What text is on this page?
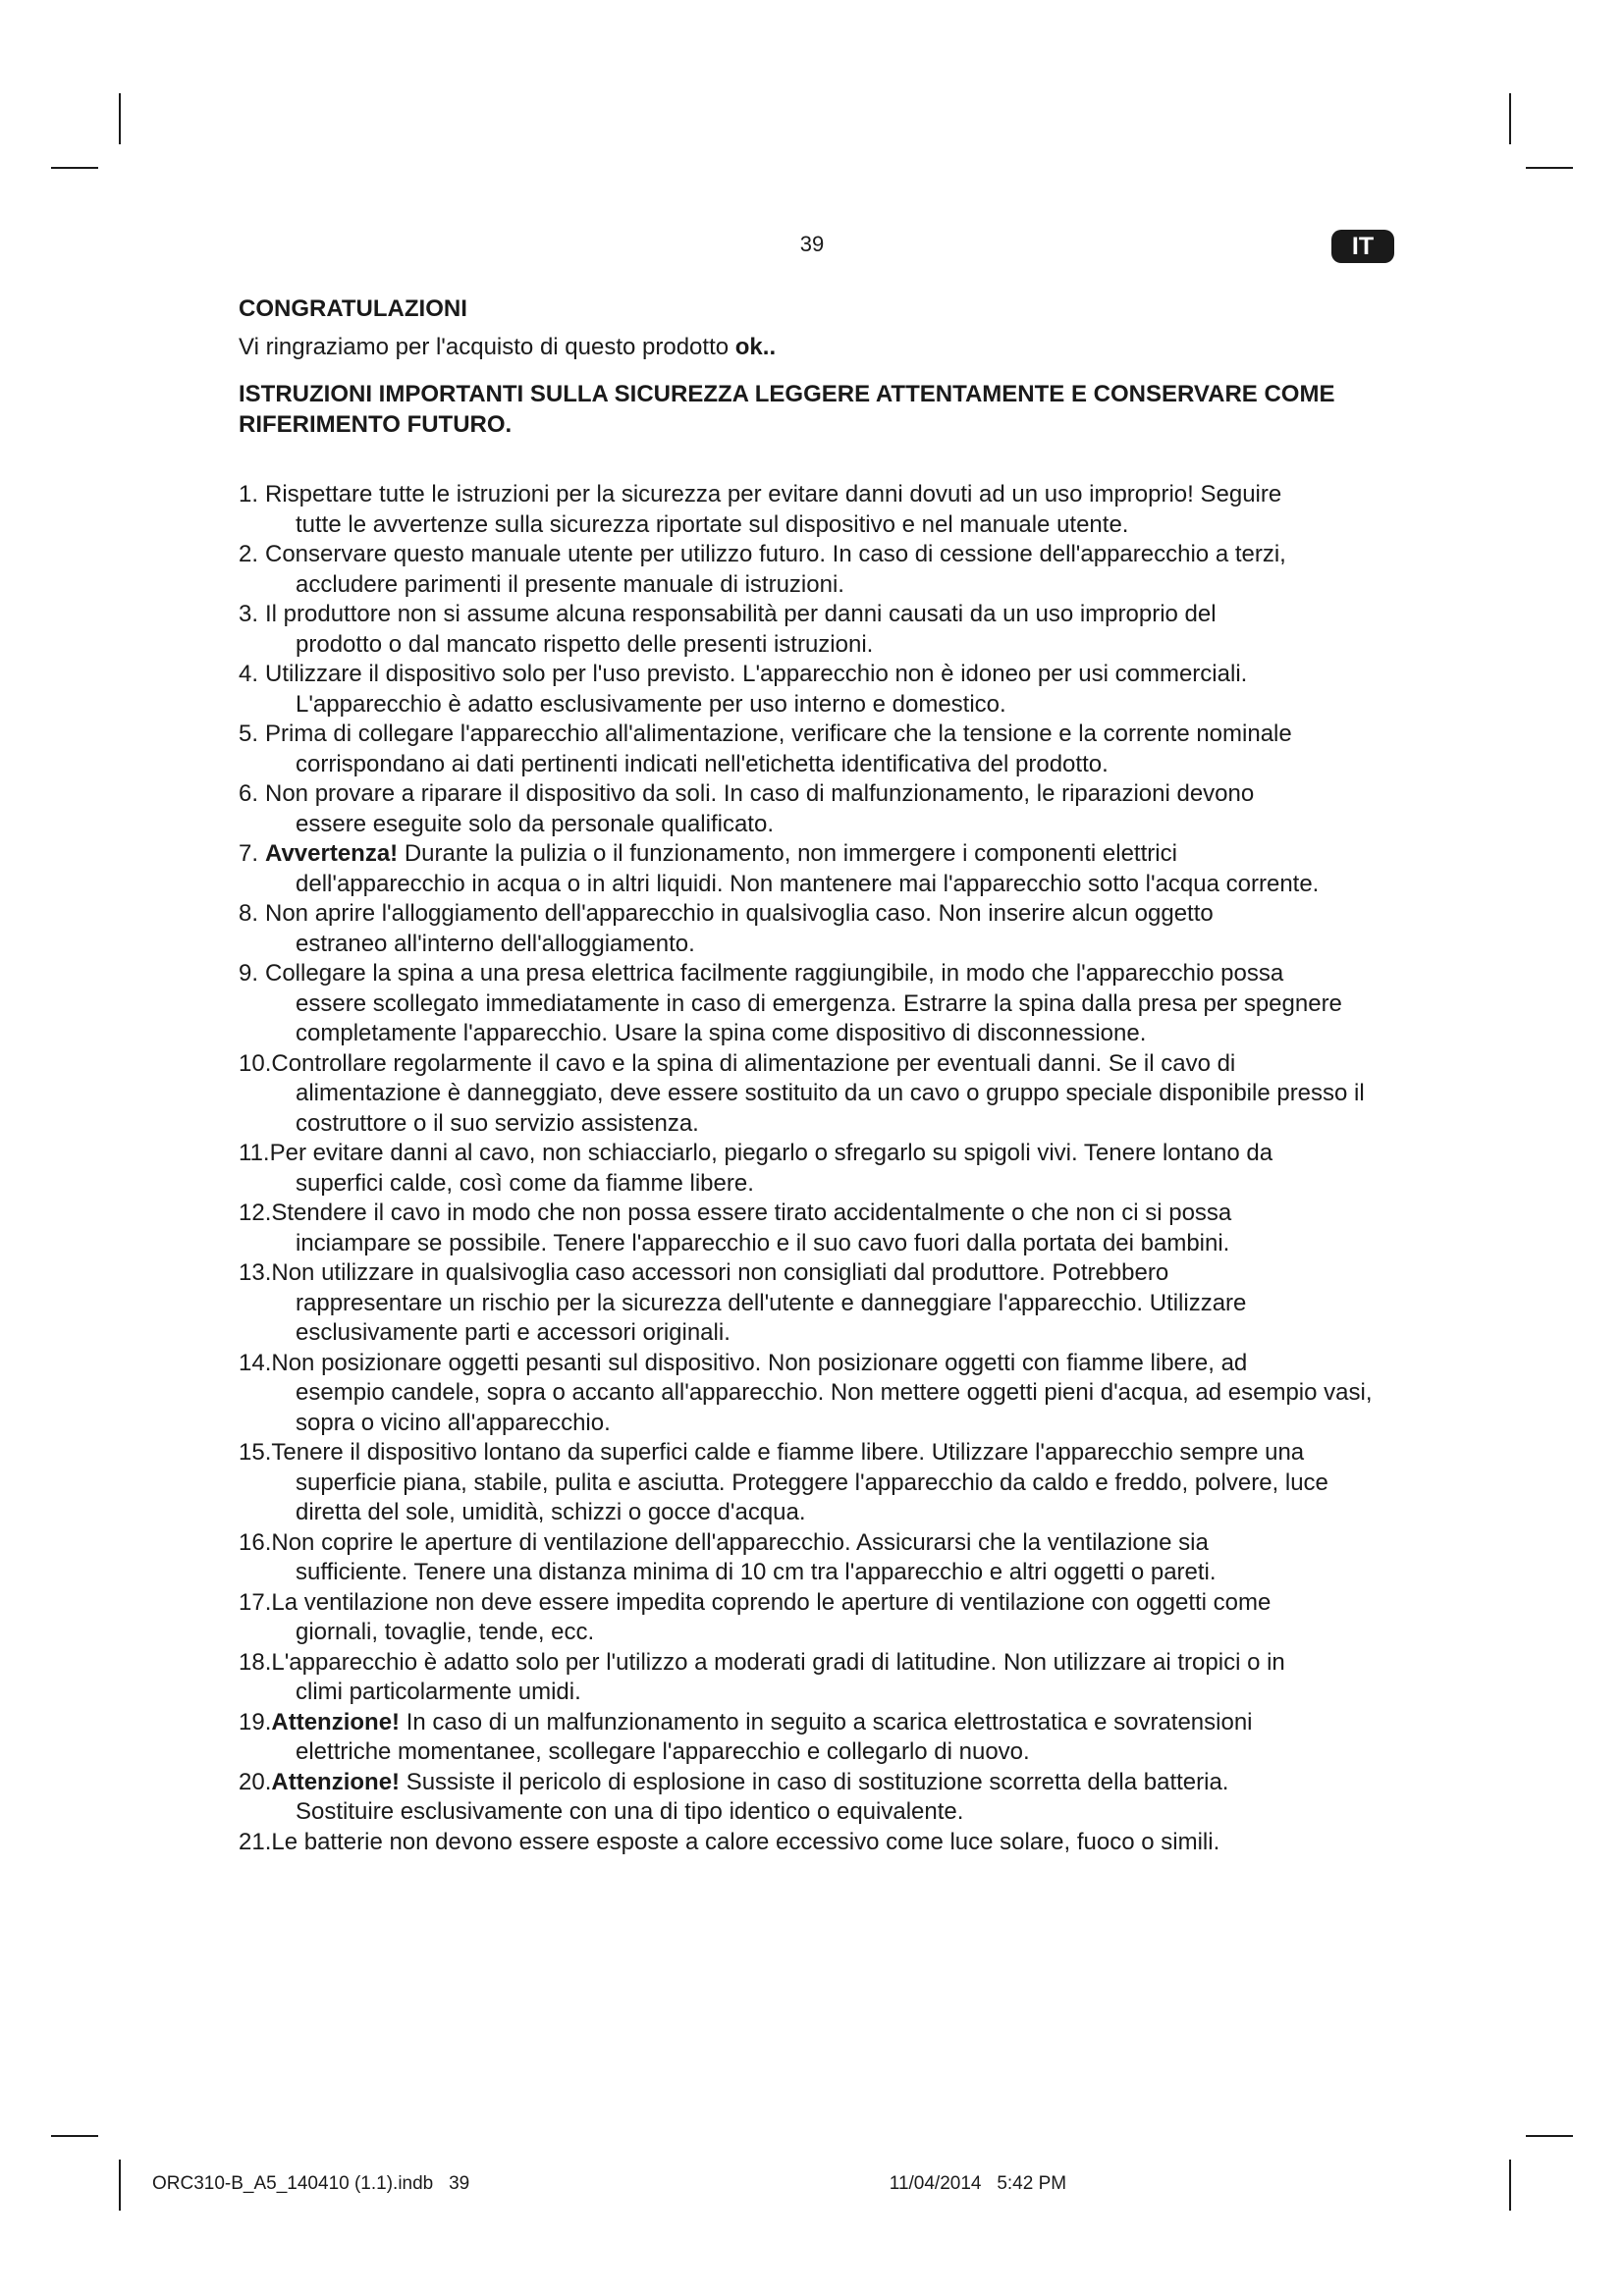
39	IT
CONGRATULAZIONI
Vi ringraziamo per l'acquisto di questo prodotto ok..
ISTRUZIONI IMPORTANTI SULLA SICUREZZA LEGGERE ATTENTAMENTE E CONSERVARE COME RIFERIMENTO FUTURO.
1. Rispettare tutte le istruzioni per la sicurezza per evitare danni dovuti ad un uso improprio! Seguire
tutte le avvertenze sulla sicurezza riportate sul dispositivo e nel manuale utente.
2. Conservare questo manuale utente per utilizzo futuro. In caso di cessione dell'apparecchio a terzi,
accludere parimenti il presente manuale di istruzioni.
3. Il produttore non si assume alcuna responsabilità per danni causati da un uso improprio del
prodotto o dal mancato rispetto delle presenti istruzioni.
4. Utilizzare il dispositivo solo per l'uso previsto. L'apparecchio non è idoneo per usi commerciali.
L'apparecchio è adatto esclusivamente per uso interno e domestico.
5. Prima di collegare l'apparecchio all'alimentazione, verificare che la tensione e la corrente nominale
corrispondano ai dati pertinenti indicati nell'etichetta identificativa del prodotto.
6. Non provare a riparare il dispositivo da soli. In caso di malfunzionamento, le riparazioni devono
essere eseguite solo da personale qualificato.
7. Avvertenza! Durante la pulizia o il funzionamento, non immergere i componenti elettrici
dell'apparecchio in acqua o in altri liquidi. Non mantenere mai l'apparecchio sotto l'acqua corrente.
8. Non aprire l'alloggiamento dell'apparecchio in qualsivoglia caso. Non inserire alcun oggetto
estraneo all'interno dell'alloggiamento.
9. Collegare la spina a una presa elettrica facilmente raggiungibile, in modo che l'apparecchio possa
essere scollegato immediatamente in caso di emergenza. Estrarre la spina dalla presa per spegnere completamente l'apparecchio. Usare la spina come dispositivo di disconnessione.
10.Controllare regolarmente il cavo e la spina di alimentazione per eventuali danni. Se il cavo di
alimentazione è danneggiato, deve essere sostituito da un cavo o gruppo speciale disponibile presso il costruttore o il suo servizio assistenza.
11.Per evitare danni al cavo, non schiacciarlo, piegarlo o sfregarlo su spigoli vivi. Tenere lontano da
superfici calde, così come da fiamme libere.
12.Stendere il cavo in modo che non possa essere tirato accidentalmente o che non ci si possa
inciampare se possibile. Tenere l'apparecchio e il suo cavo fuori dalla portata dei bambini.
13.Non utilizzare in qualsivoglia caso accessori non consigliati dal produttore. Potrebbero
rappresentare un rischio per la sicurezza dell'utente e danneggiare l'apparecchio. Utilizzare esclusivamente parti e accessori originali.
14.Non posizionare oggetti pesanti sul dispositivo. Non posizionare oggetti con fiamme libere, ad
esempio candele, sopra o accanto all'apparecchio. Non mettere oggetti pieni d'acqua, ad esempio vasi, sopra o vicino all'apparecchio.
15.Tenere il dispositivo lontano da superfici calde e fiamme libere. Utilizzare l'apparecchio sempre una
superficie piana, stabile, pulita e asciutta. Proteggere l'apparecchio da caldo e freddo, polvere, luce diretta del sole, umidità, schizzi o gocce d'acqua.
16.Non coprire le aperture di ventilazione dell'apparecchio. Assicurarsi che la ventilazione sia
sufficiente. Tenere una distanza minima di 10 cm tra l'apparecchio e altri oggetti o pareti.
17.La ventilazione non deve essere impedita coprendo le aperture di ventilazione con oggetti come
giornali, tovaglie, tende, ecc.
18.L'apparecchio è adatto solo per l'utilizzo a moderati gradi di latitudine. Non utilizzare ai tropici o in
climi particolarmente umidi.
19.Attenzione! In caso di un malfunzionamento in seguito a scarica elettrostatica e sovratensioni
elettriche momentanee, scollegare l'apparecchio e collegarlo di nuovo.
20.Attenzione! Sussiste il pericolo di esplosione in caso di sostituzione scorretta della batteria.
Sostituire esclusivamente con una di tipo identico o equivalente.
21.Le batterie non devono essere esposte a calore eccessivo come luce solare, fuoco o simili.
ORC310-B_A5_140410 (1.1).indb   39                                                                                 11/04/2014   5:42 PM
